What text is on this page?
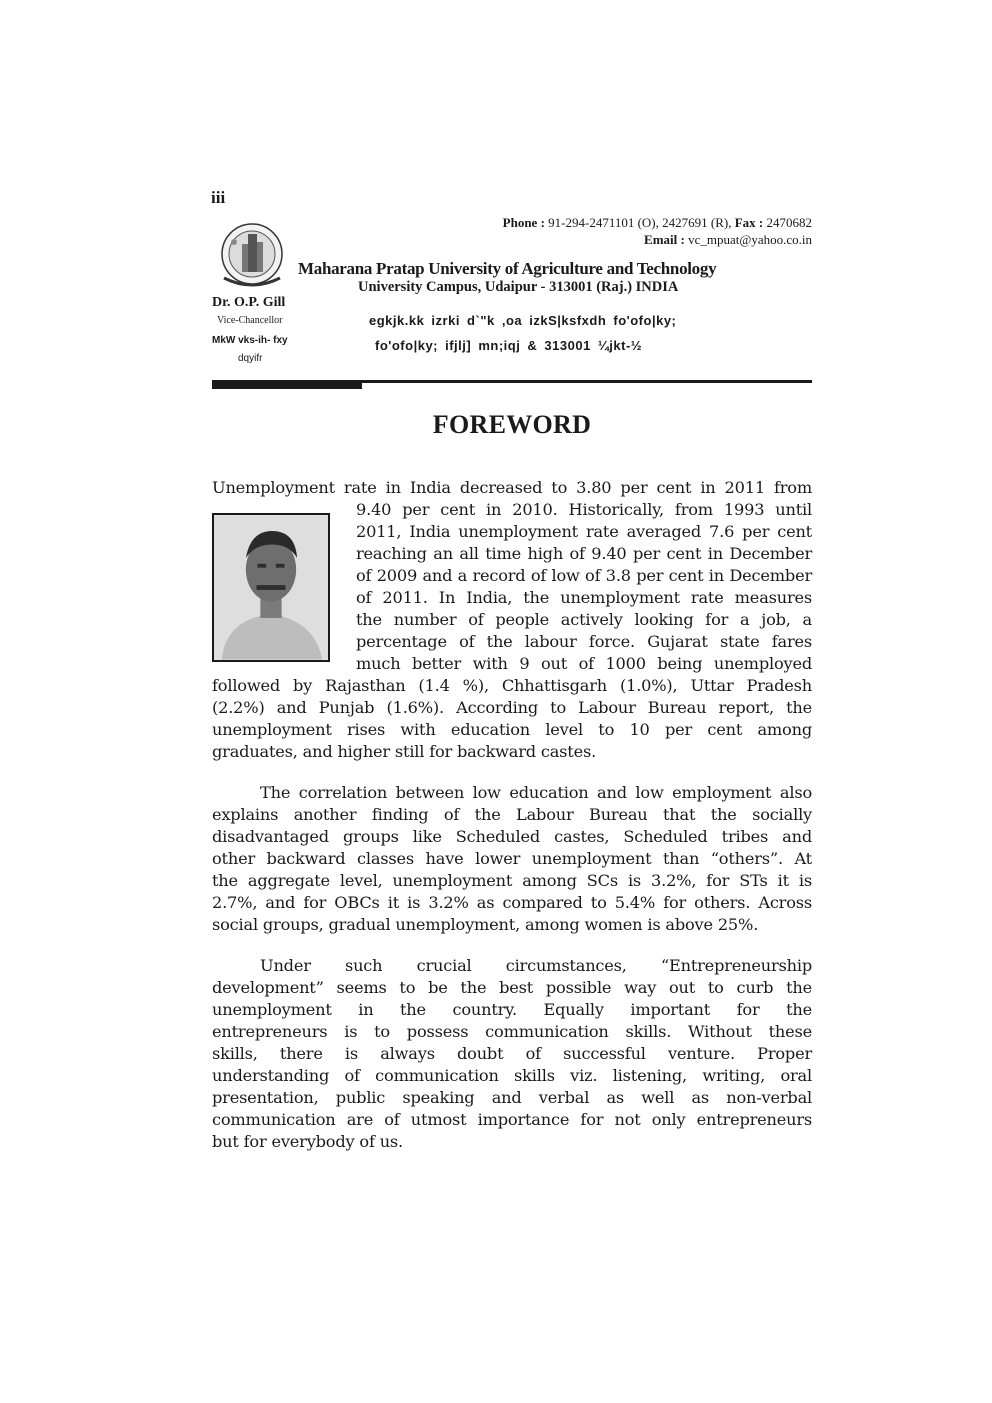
iii
Phone : 91-294-2471101 (O), 2427691 (R), Fax : 2470682
Email : vc_mpuat@yahoo.co.in
Maharana Pratap University of Agriculture and Technology
University Campus, Udaipur - 313001 (Raj.) INDIA
Dr. O.P. Gill
Vice-Chancellor
MkW vks-ih- fxy
dqyifr
egkjk.kk izrki d`"k ,oa izkS|ksfxdh fo'ofo|ky;
fo'ofo|ky; ifjlj] mn;iqj & 313001 ¼jkt-½
FOREWORD
Unemployment rate in India decreased to 3.80 per cent in 2011 from
9.40 per cent in 2010. Historically, from 1993 until
2011, India unemployment rate averaged 7.6 per cent
reaching an all time high of 9.40 per cent in December
of 2009 and a record of low of 3.8 per cent in December
of 2011. In India, the unemployment rate measures
the number of people actively looking for a job, a
percentage of the labour force. Gujarat state fares
much better with 9 out of 1000 being unemployed
followed by Rajasthan (1.4 %), Chhattisgarh (1.0%), Uttar Pradesh
(2.2%) and Punjab (1.6%). According to Labour Bureau report, the
unemployment rises with education level to 10 per cent among
graduates, and higher still for backward castes.
The correlation between low education and low employment also
explains another finding of the Labour Bureau that the socially
disadvantaged groups like Scheduled castes, Scheduled tribes and
other backward classes have lower unemployment than “others”. At
the aggregate level, unemployment among SCs is 3.2%, for STs it is
2.7%, and for OBCs it is 3.2% as compared to 5.4% for others. Across
social groups, gradual unemployment, among women is above 25%.
Under such crucial circumstances, “Entrepreneurship
development” seems to be the best possible way out to curb the
unemployment in the country. Equally important for the
entrepreneurs is to possess communication skills. Without these
skills, there is always doubt of successful venture. Proper
understanding of communication skills viz. listening, writing, oral
presentation, public speaking and verbal as well as non-verbal
communication are of utmost importance for not only entrepreneurs
but for everybody of us.
